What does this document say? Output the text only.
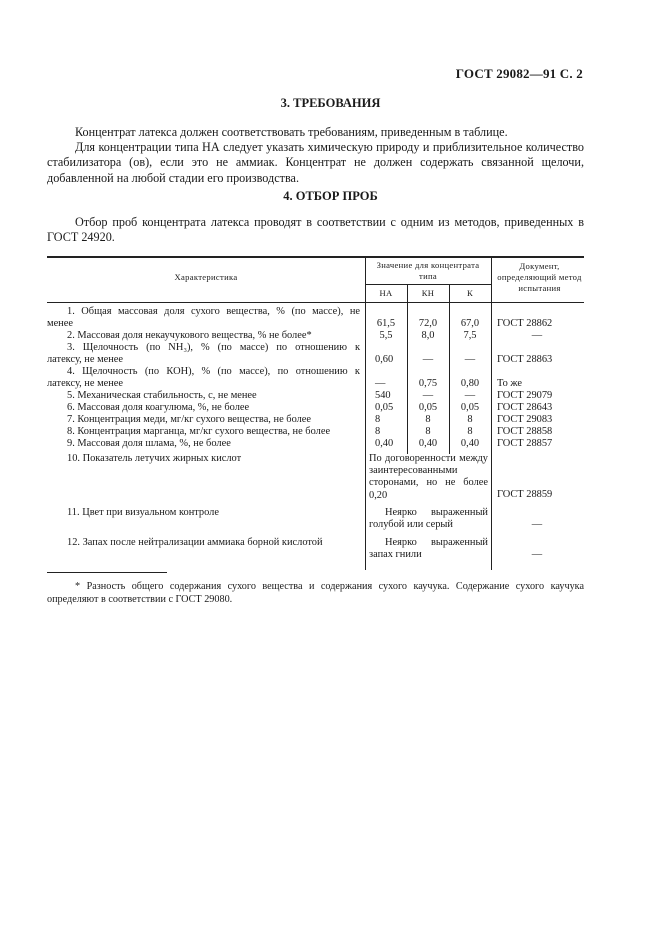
ГОСТ 29082—91 С. 2
3. ТРЕБОВАНИЯ

Концентрат латекса должен соответствовать требованиям, приведенным в таблице.

Для концентрации типа НА следует указать химическую природу и приблизительное количество стабилизатора (ов), если это не аммиак. Концентрат не должен содержать связанной щелочи, добавленной на любой стадии его производства.

4. ОТБОР ПРОБ

Отбор проб концентрата латекса проводят в соответствии с одним из методов, приведенных в ГОСТ 24920.

Характеристика
Значение для концентрата типа
НА	КН	К
Документ, определяющий метод испытания
1. Общая массовая доля сухого вещества, % (по массе), не
менее	61,5	72,0	67,0	ГОСТ 28862
2. Массовая доля некаучукового вещества, % не более*	5,5	8,0	7,5	—
3. Щелочность (по NH₃), % (по массе) по отношению к
латексу, не менее	0,60	—	—	ГОСТ 28863
4. Щелочность (по КОН), % (по массе), по отношению к
латексу, не менее	—	0,75	0,80	То же
5. Механическая стабильность, с, не менее	540	—	—	ГОСТ 29079
6. Массовая доля коагулюма, %, не более	0,05	0,05	0,05	ГОСТ 28643
7. Концентрация меди, мг/кг сухого вещества, не более	8	8	8	ГОСТ 29083
8. Концентрация марганца, мг/кг сухого вещества, не более	8	8	8	ГОСТ 28858
9. Массовая доля шлама, %, не более	0,40	0,40	0,40	ГОСТ 28857
10. Показатель летучих жирных кислот	По договоренности между заинтересованными сторонами, но не более 0,20	ГОСТ 28859
11. Цвет при визуальном контроле	Неярко выраженный голубой или серый	—
12. Запах после нейтрализации аммиака борной кислотой	Неярко выраженный запах гнили	—

* Разность общего содержания сухого вещества и содержания сухого каучука. Содержание сухого каучука определяют в соответствии с ГОСТ 29080.
